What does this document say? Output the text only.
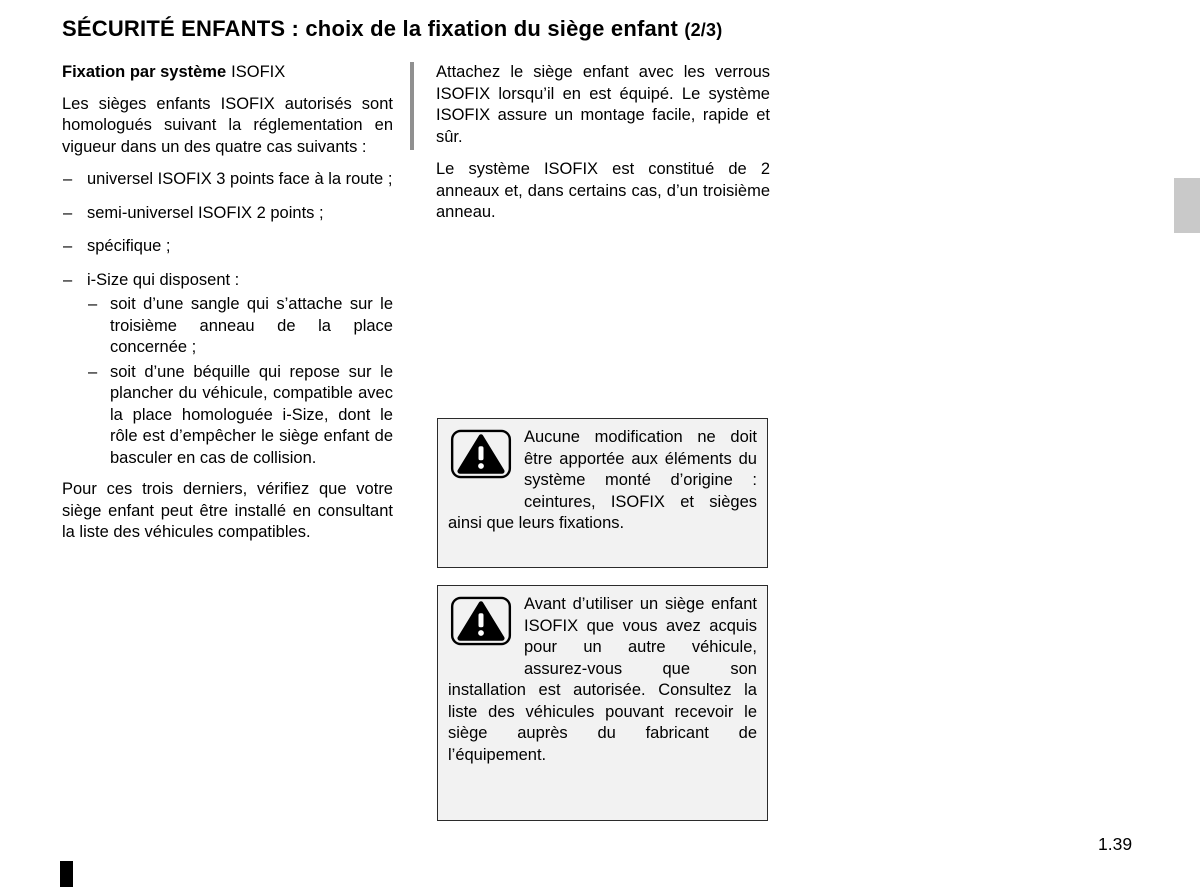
SÉCURITÉ ENFANTS : choix de la fixation du siège enfant (2/3)

Fixation par système ISOFIX

Les sièges enfants ISOFIX autorisés sont homologués suivant la réglementation en vigueur dans un des quatre cas suivants :

– universel ISOFIX 3 points face à la route ;
– semi-universel ISOFIX 2 points ;
– spécifique ;
– i-Size qui disposent :
– soit d’une sangle qui s’attache sur le troisième anneau de la place concernée ;
– soit d’une béquille qui repose sur le plancher du véhicule, compatible avec la place homologuée i-Size, dont le rôle est d’empêcher le siège enfant de basculer en cas de collision.

Pour ces trois derniers, vérifiez que votre siège enfant peut être installé en consultant la liste des véhicules compatibles.

Attachez le siège enfant avec les verrous ISOFIX lorsqu’il en est équipé. Le système ISOFIX assure un montage facile, rapide et sûr.

Le système ISOFIX est constitué de 2 anneaux et, dans certains cas, d’un troisième anneau.

Aucune modification ne doit être apportée aux éléments du système monté d’origine : ceintures, ISOFIX et sièges ainsi que leurs fixations.
Avant d’utiliser un siège enfant ISOFIX que vous avez acquis pour un autre véhicule, assurez-vous que son installation est autorisée. Consultez la liste des véhicules pouvant recevoir le siège auprès du fabricant de l’équipement.
1.39
